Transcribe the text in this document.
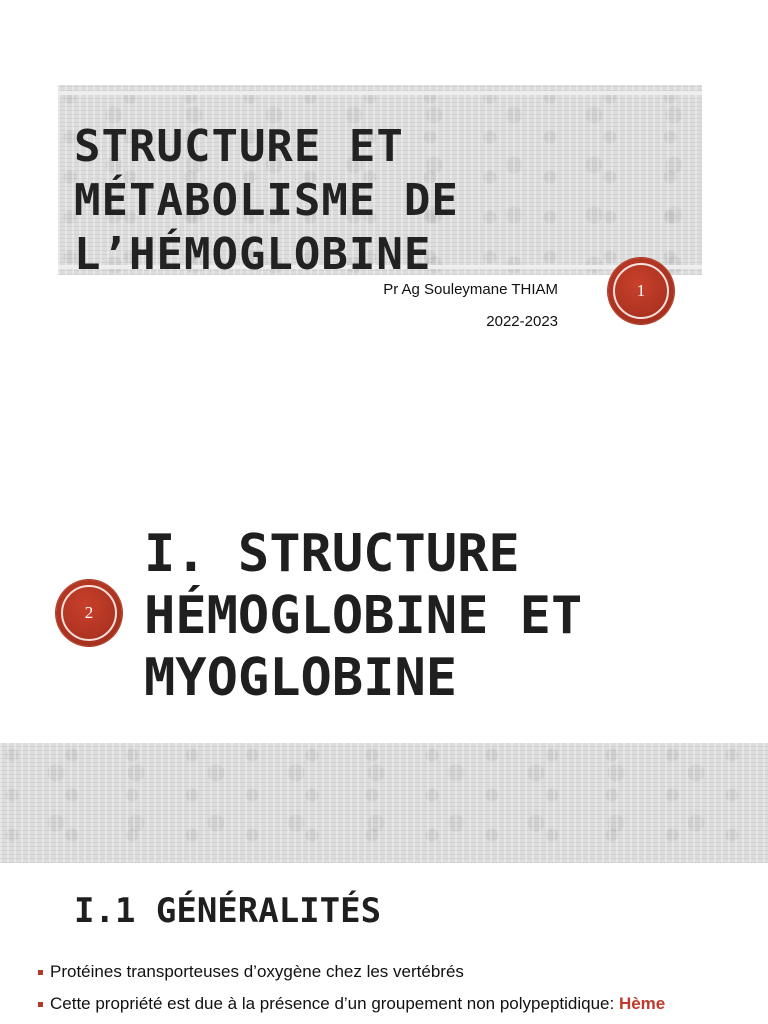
STRUCTURE ET MÉTABOLISME DE L’HÉMOGLOBINE
Pr Ag Souleymane THIAM
2022-2023
1
2
I. STRUCTURE HÉMOGLOBINE ET MYOGLOBINE
I.1 GÉNÉRALITÉS
Protéines transporteuses d’oxygène chez les vertébrés
Cette propriété est due à la présence d’un groupement non polypeptidique: Hème
